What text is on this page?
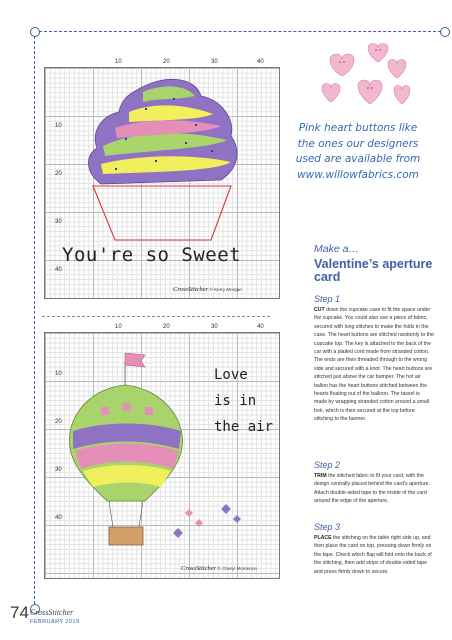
10	20	30	40
10
20
30
40
CrossStitcher © Kerry Morgan
You're so Sweet
10	20	30	40
10
20
30
40
CrossStitcher © Cheryl McKinnon
Love
is in
the air
Pink heart buttons like the ones our designers used are available from www.willowfabrics.com
Make a…
Valentine’s aperture card
Step 1
CUT down the cupcake case to fit the space under the cupcake. You could also use a piece of fabric, secured with long stitches to make the folds in the case. The heart buttons are stitched randomly to the cupcake top. The key is attached to the back of the car with a plaited cord made from stranded cotton. The ends are then threaded through to the wrong side and secured with a knot. The heart buttons are stitched just above the car bumper. The hot air ballon has the heart buttons stitched between the hearts floating out of the balloon. The tassel is made by wrapping stranded cotton around a small fork, which is then secured at the top before stitching to the banner.
Step 2
TRIM the stitched fabric to fit your card, with the design centrally placed behind the card’s aperture. Attach double-sided tape to the inside of the card around the edge of the aperture.
Step 3
PLACE the stitching on the table right side up, and then place the card on top, pressing down firmly on the tape. Check which flap will fold onto the back of the stitching, then add strips of double-sided tape and press firmly down to secure.
74 CrossStitcher
FEBRUARY 2019
